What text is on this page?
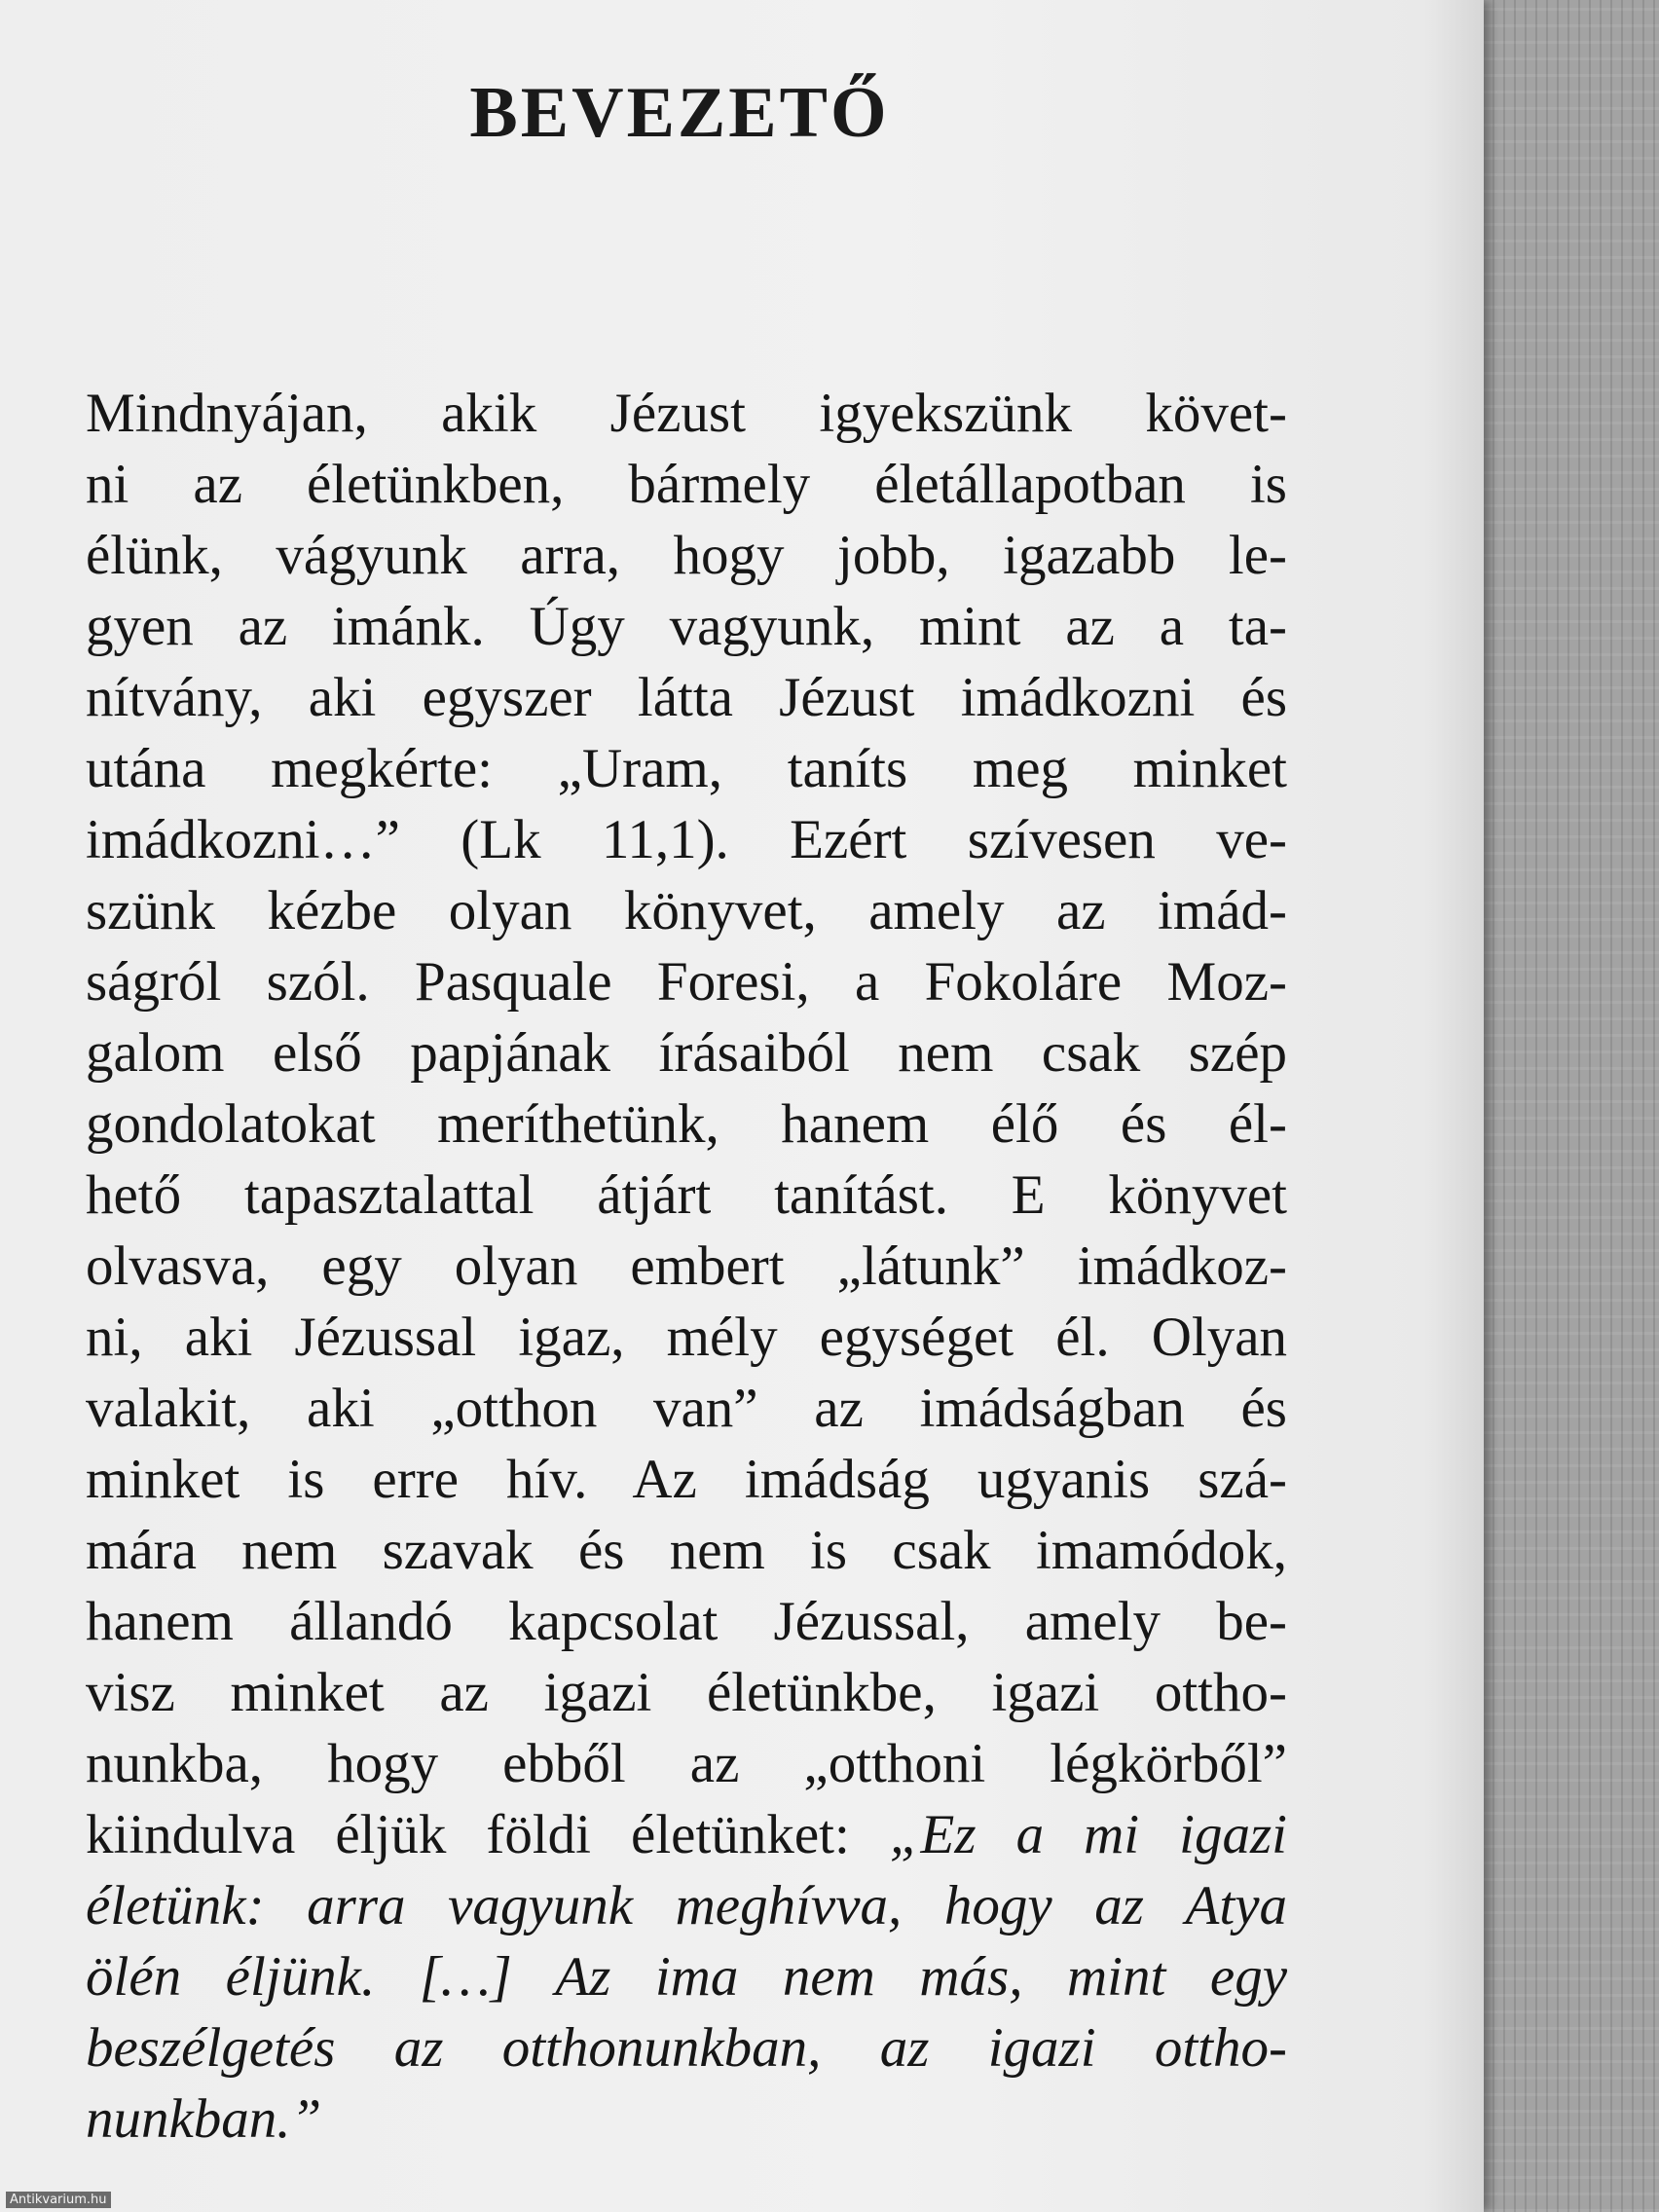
BEVEZETŐ
Mindnyájan, akik Jézust igyekszünk követ-
ni az életünkben, bármely életállapotban is
élünk, vágyunk arra, hogy jobb, igazabb le-
gyen az imánk. Úgy vagyunk, mint az a ta-
nítvány, aki egyszer látta Jézust imádkozni és
utána megkérte: „Uram, taníts meg minket
imádkozni…” (Lk 11,1). Ezért szívesen ve-
szünk kézbe olyan könyvet, amely az imád-
ságról szól. Pasquale Foresi, a Fokoláre Moz-
galom első papjának írásaiból nem csak szép
gondolatokat meríthetünk, hanem élő és él-
hető tapasztalattal átjárt tanítást. E könyvet
olvasva, egy olyan embert „látunk” imádkoz-
ni, aki Jézussal igaz, mély egységet él. Olyan
valakit, aki „otthon van” az imádságban és
minket is erre hív. Az imádság ugyanis szá-
mára nem szavak és nem is csak imamódok,
hanem állandó kapcsolat Jézussal, amely be-
visz minket az igazi életünkbe, igazi ottho-
nunkba, hogy ebből az „otthoni légkörből”
kiindulva éljük földi életünket: „Ez a mi igazi
életünk: arra vagyunk meghívva, hogy az Atya
ölén éljünk. […] Az ima nem más, mint egy
beszélgetés az otthonunkban, az igazi ottho-
nunkban.”
Antikvarium.hu
